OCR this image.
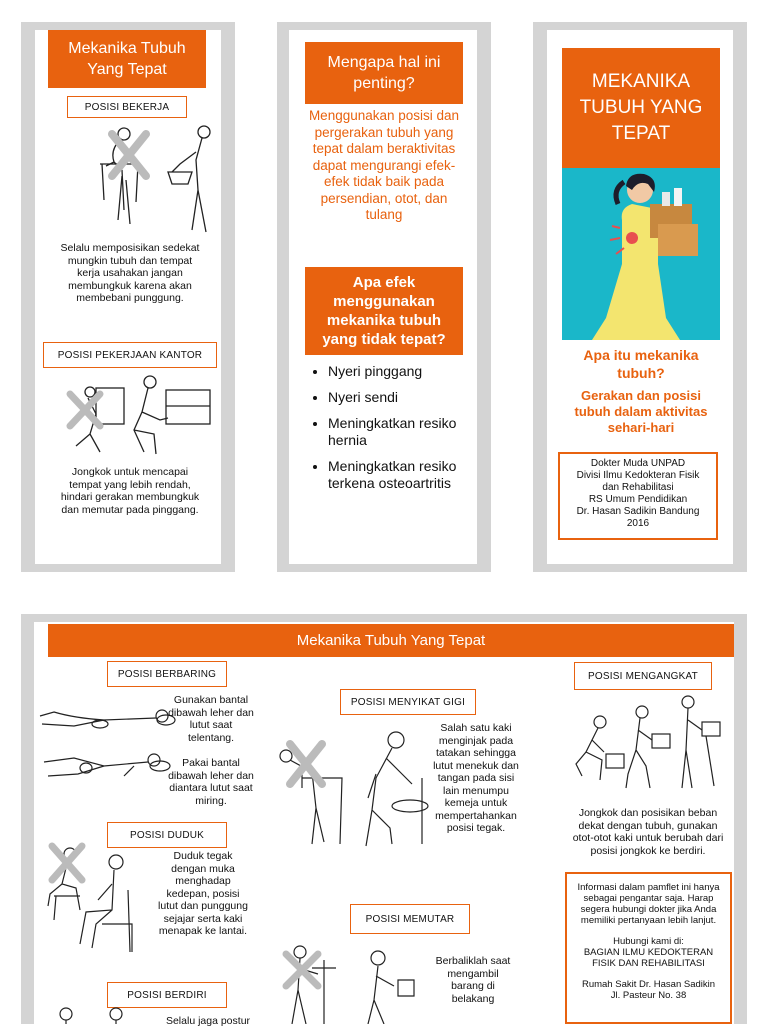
Mekanika Tubuh Yang Tepat
POSISI BEKERJA
Selalu memposisikan sedekat mungkin tubuh dan tempat kerja usahakan jangan membungkuk karena akan membebani punggung.
POSISI PEKERJAAN KANTOR
Jongkok untuk mencapai tempat yang lebih rendah, hindari gerakan membungkuk dan memutar pada pinggang.
Mengapa hal ini penting?
Menggunakan posisi dan pergerakan tubuh yang tepat dalam beraktivitas dapat mengurangi efek-efek tidak baik pada persendian, otot, dan tulang
Apa efek menggunakan mekanika tubuh yang tidak tepat?
• Nyeri pinggang
• Nyeri sendi
• Meningkatkan resiko hernia
• Meningkatkan resiko terkena osteoartritis
MEKANIKA TUBUH YANG TEPAT
Apa itu mekanika tubuh?
Gerakan dan posisi tubuh dalam aktivitas sehari-hari
Dokter Muda UNPAD
Divisi Ilmu Kedokteran Fisik dan Rehabilitasi
RS Umum Pendidikan
Dr. Hasan Sadikin Bandung
2016
Mekanika Tubuh Yang Tepat
POSISI BERBARING
Gunakan bantal dibawah leher dan lutut saat telentang.
Pakai bantal dibawah leher dan diantara lutut saat miring.
POSISI DUDUK
Duduk tegak dengan muka menghadap kedepan, posisi lutut dan punggung sejajar serta kaki menapak ke lantai.
POSISI BERDIRI
Selalu jaga postur
POSISI MENYIKAT GIGI
Salah satu kaki menginjak pada tatakan sehingga lutut menekuk dan tangan pada sisi lain menumpu kemeja untuk mempertahankan posisi tegak.
POSISI MEMUTAR
Berbaliklah saat mengambil barang di belakang
POSISI MENGANGKAT
Jongkok dan posisikan beban dekat dengan tubuh, gunakan otot-otot kaki untuk berubah dari posisi jongkok ke berdiri.
Informasi dalam pamflet ini hanya sebagai pengantar saja. Harap segera hubungi dokter jika Anda memiliki pertanyaan lebih lanjut.
Hubungi kami di:
BAGIAN ILMU KEDOKTERAN FISIK DAN REHABILITASI
Rumah Sakit Dr. Hasan Sadikin
Jl. Pasteur No. 38
